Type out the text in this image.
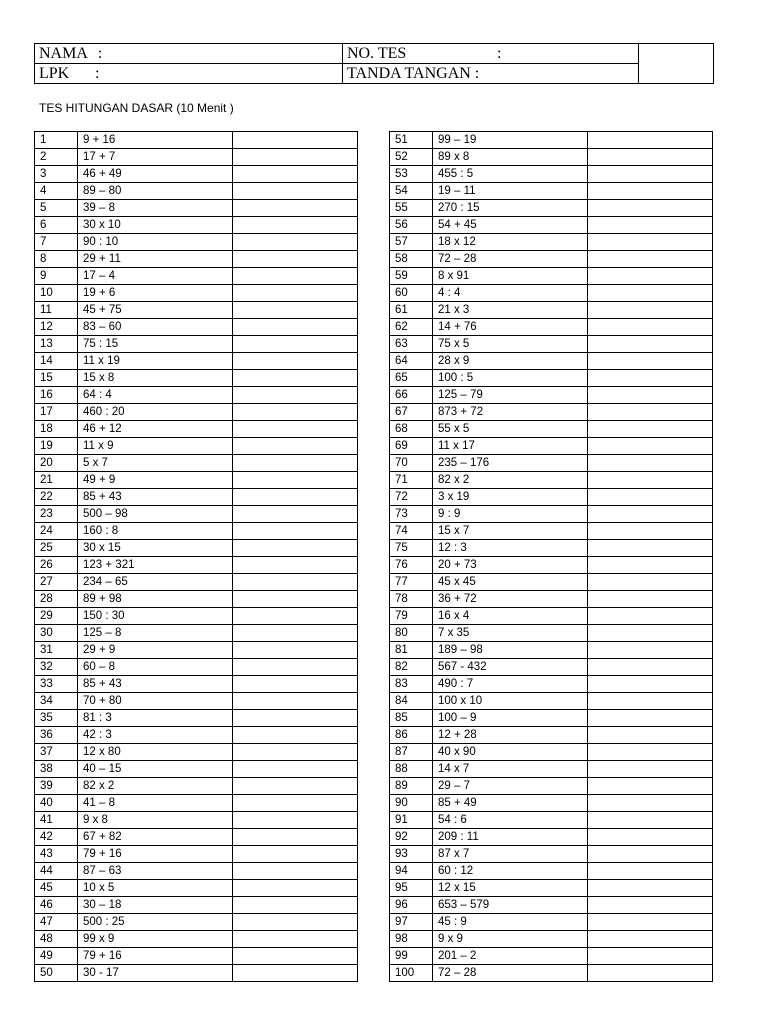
NAMA :	NO. TES :	
LPK :	TANDA TANGAN :	
TES HITUNGAN DASAR (10 Menit )
1	9 + 16	
2	17 + 7	
3	46 + 49	
4	89 – 80	
5	39 – 8	
6	30 x 10	
7	90 : 10	
8	29 + 11	
9	17 – 4	
10	19 + 6	
11	45 + 75	
12	83 – 60	
13	75 : 15	
14	11 x 19	
15	15 x 8	
16	64 : 4	
17	460 : 20	
18	46 + 12	
19	11 x 9	
20	5 x 7	
21	49 + 9	
22	85 + 43	
23	500 – 98	
24	160 : 8	
25	30 x 15	
26	123 + 321	
27	234 – 65	
28	89 + 98	
29	150 : 30	
30	125 – 8	
31	29 + 9	
32	60 – 8	
33	85 + 43	
34	70 + 80	
35	81 : 3	
36	42 : 3	
37	12 x 80	
38	40 – 15	
39	82 x 2	
40	41 – 8	
41	9 x 8	
42	67 + 82	
43	79 + 16	
44	87 – 63	
45	10 x 5	
46	30 – 18	
47	500 : 25	
48	99 x 9	
49	79 + 16	
50	30 - 17	
51	99 – 19	
52	89 x 8	
53	455 : 5	
54	19 – 11	
55	270 : 15	
56	54 + 45	
57	18 x 12	
58	72 – 28	
59	8 x 91	
60	4 : 4	
61	21 x 3	
62	14 + 76	
63	75 x 5	
64	28 x 9	
65	100 : 5	
66	125 – 79	
67	873 + 72	
68	55 x 5	
69	11 x 17	
70	235 – 176	
71	82 x 2	
72	3 x 19	
73	9 : 9	
74	15 x 7	
75	12 : 3	
76	20 + 73	
77	45 x 45	
78	36 + 72	
79	16 x 4	
80	7 x 35	
81	189 – 98	
82	567 - 432	
83	490 : 7	
84	100 x 10	
85	100 – 9	
86	12 + 28	
87	40 x 90	
88	14 x 7	
89	29 – 7	
90	85 + 49	
91	54 : 6	
92	209 : 11	
93	87 x 7	
94	60 : 12	
95	12 x 15	
96	653 – 579	
97	45 : 9	
98	9 x 9	
99	201 – 2	
100	72 – 28	
